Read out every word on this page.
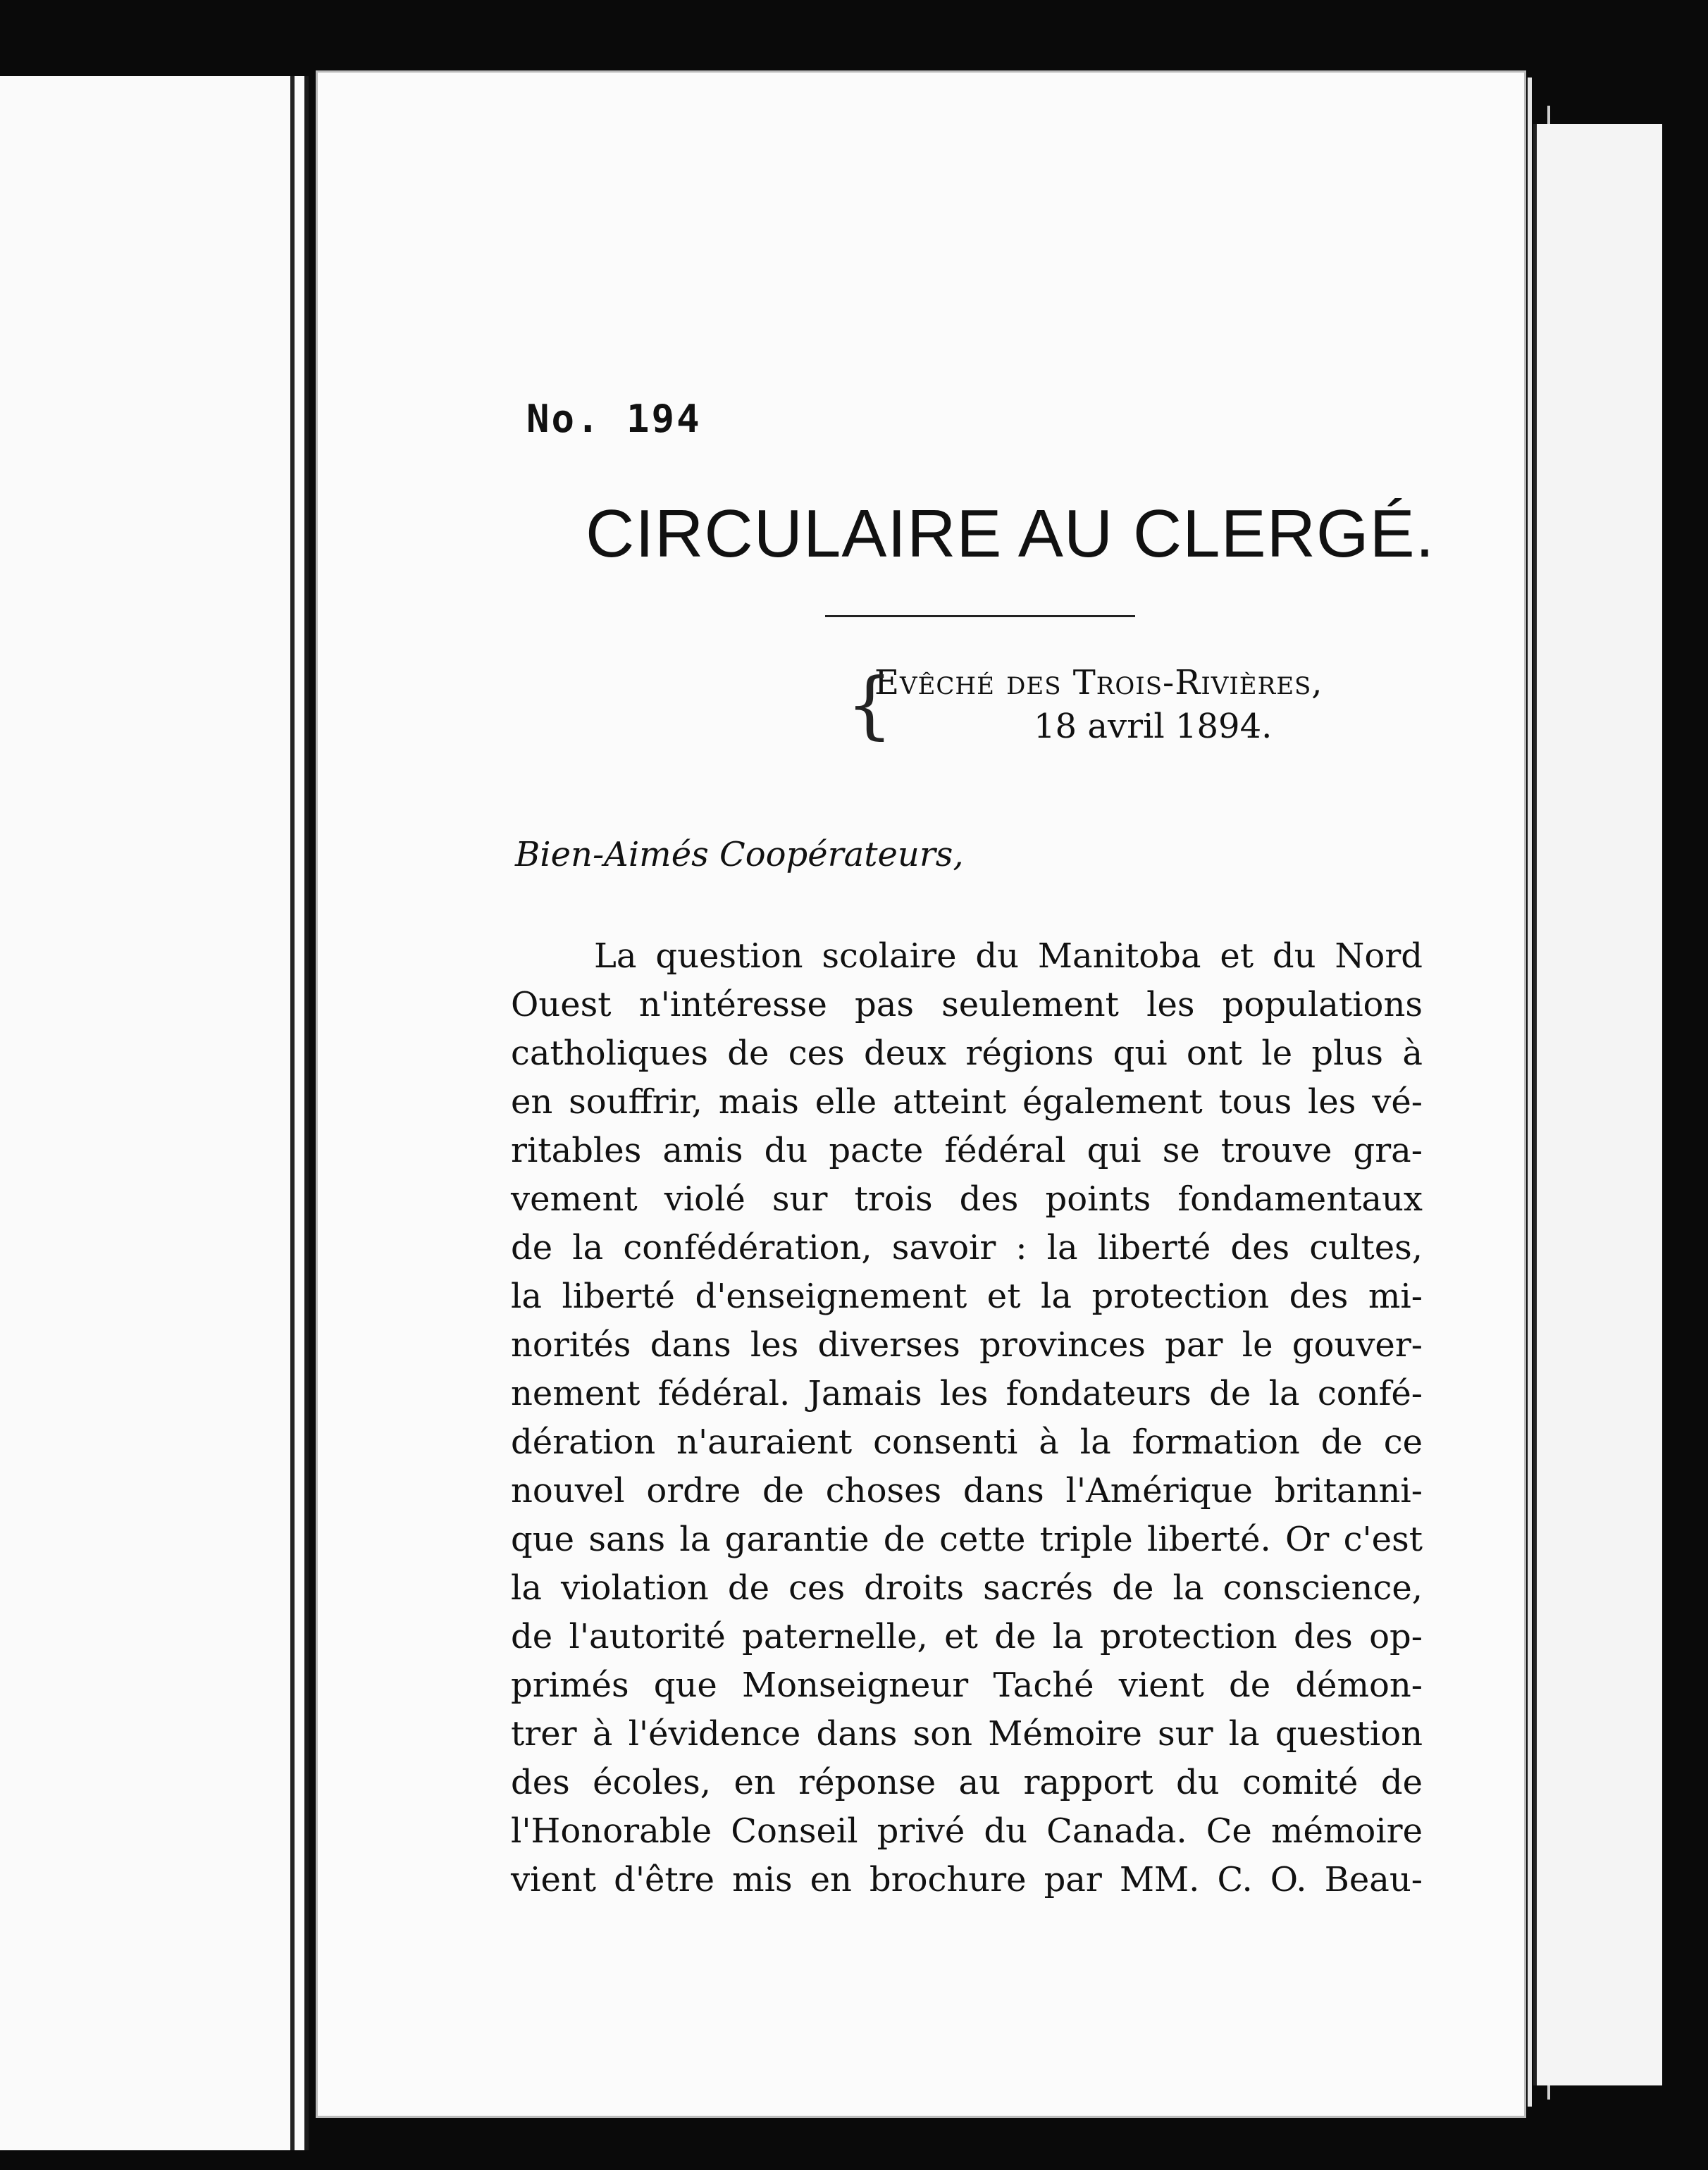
No. 194
CIRCULAIRE AU CLERGÉ.
{
Evêché des Trois-Rivières,
18 avril 1894.
Bien-Aimés Coopérateurs,
La question scolaire du Manitoba et du Nord
Ouest n'intéresse pas seulement les populations
catholiques de ces deux régions qui ont le plus à
en souffrir, mais elle atteint également tous les vé-
ritables amis du pacte fédéral qui se trouve gra-
vement violé sur trois des points fondamentaux
de la confédération, savoir : la liberté des cultes,
la liberté d'enseignement et la protection des mi-
norités dans les diverses provinces par le gouver-
nement fédéral. Jamais les fondateurs de la confé-
dération n'auraient consenti à la formation de ce
nouvel ordre de choses dans l'Amérique britanni-
que sans la garantie de cette triple liberté. Or c'est
la violation de ces droits sacrés de la conscience,
de l'autorité paternelle, et de la protection des op-
primés que Monseigneur Taché vient de démon-
trer à l'évidence dans son Mémoire sur la question
des écoles, en réponse au rapport du comité de
l'Honorable Conseil privé du Canada. Ce mémoire
vient d'être mis en brochure par MM. C. O. Beau-
